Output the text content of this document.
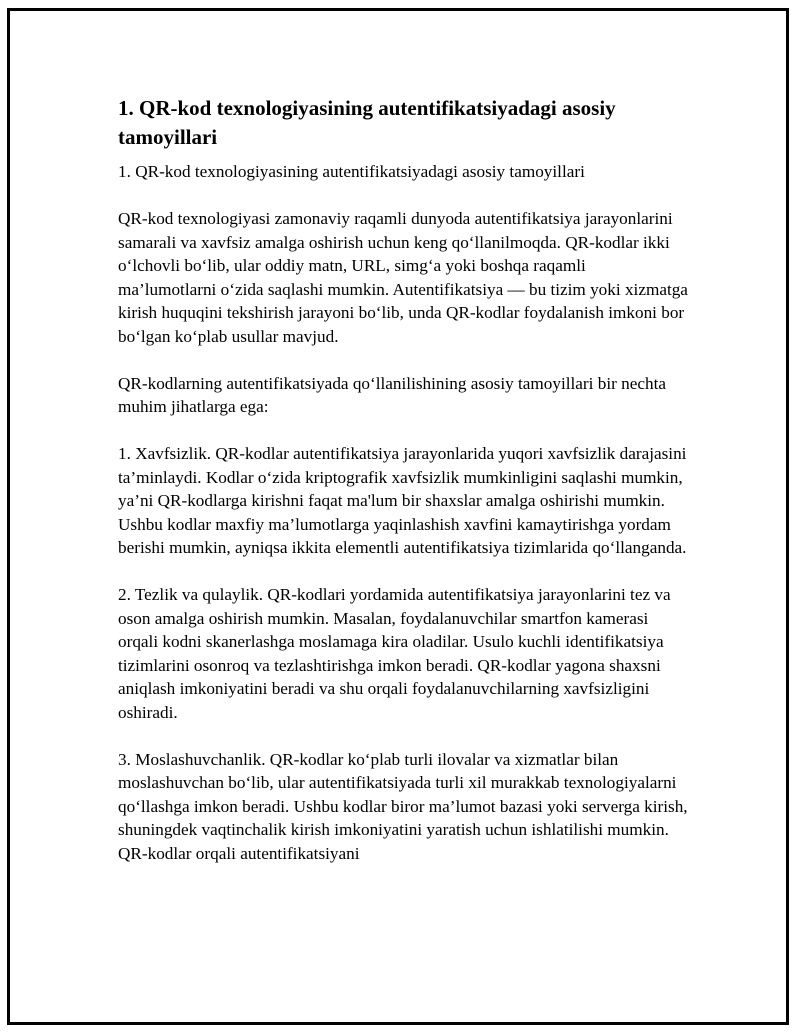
1. QR-kod texnologiyasining autentifikatsiyadagi asosiy tamoyillari

1. QR-kod texnologiyasining autentifikatsiyadagi asosiy tamoyillari

QR-kod texnologiyasi zamonaviy raqamli dunyoda autentifikatsiya jarayonlarini samarali va xavfsiz amalga oshirish uchun keng qo‘llanilmoqda. QR-kodlar ikki o‘lchovli bo‘lib, ular oddiy matn, URL, simg‘a yoki boshqa raqamli ma’lumotlarni o‘zida saqlashi mumkin. Autentifikatsiya — bu tizim yoki xizmatga kirish huquqini tekshirish jarayoni bo‘lib, unda QR-kodlar foydalanish imkoni bor bo‘lgan ko‘plab usullar mavjud.

QR-kodlarning autentifikatsiyada qo‘llanilishining asosiy tamoyillari bir nechta muhim jihatlarga ega:

1. Xavfsizlik. QR-kodlar autentifikatsiya jarayonlarida yuqori xavfsizlik darajasini ta’minlaydi. Kodlar o‘zida kriptografik xavfsizlik mumkinligini saqlashi mumkin, ya’ni QR-kodlarga kirishni faqat ma'lum bir shaxslar amalga oshirishi mumkin. Ushbu kodlar maxfiy ma’lumotlarga yaqinlashish xavfini kamaytirishga yordam berishi mumkin, ayniqsa ikkita elementli autentifikatsiya tizimlarida qo‘llanganda.

2. Tezlik va qulaylik. QR-kodlari yordamida autentifikatsiya jarayonlarini tez va oson amalga oshirish mumkin. Masalan, foydalanuvchilar smartfon kamerasi orqali kodni skanerlashga moslamaga kira oladilar. Usulo kuchli identifikatsiya tizimlarini osonroq va tezlashtirishga imkon beradi. QR-kodlar yagona shaxsni aniqlash imkoniyatini beradi va shu orqali foydalanuvchilarning xavfsizligini oshiradi.

3. Moslashuvchanlik. QR-kodlar ko‘plab turli ilovalar va xizmatlar bilan moslashuvchan bo‘lib, ular autentifikatsiyada turli xil murakkab texnologiyalarni qo‘llashga imkon beradi. Ushbu kodlar biror ma’lumot bazasi yoki serverga kirish, shuningdek vaqtinchalik kirish imkoniyatini yaratish uchun ishlatilishi mumkin. QR-kodlar orqali autentifikatsiyani
